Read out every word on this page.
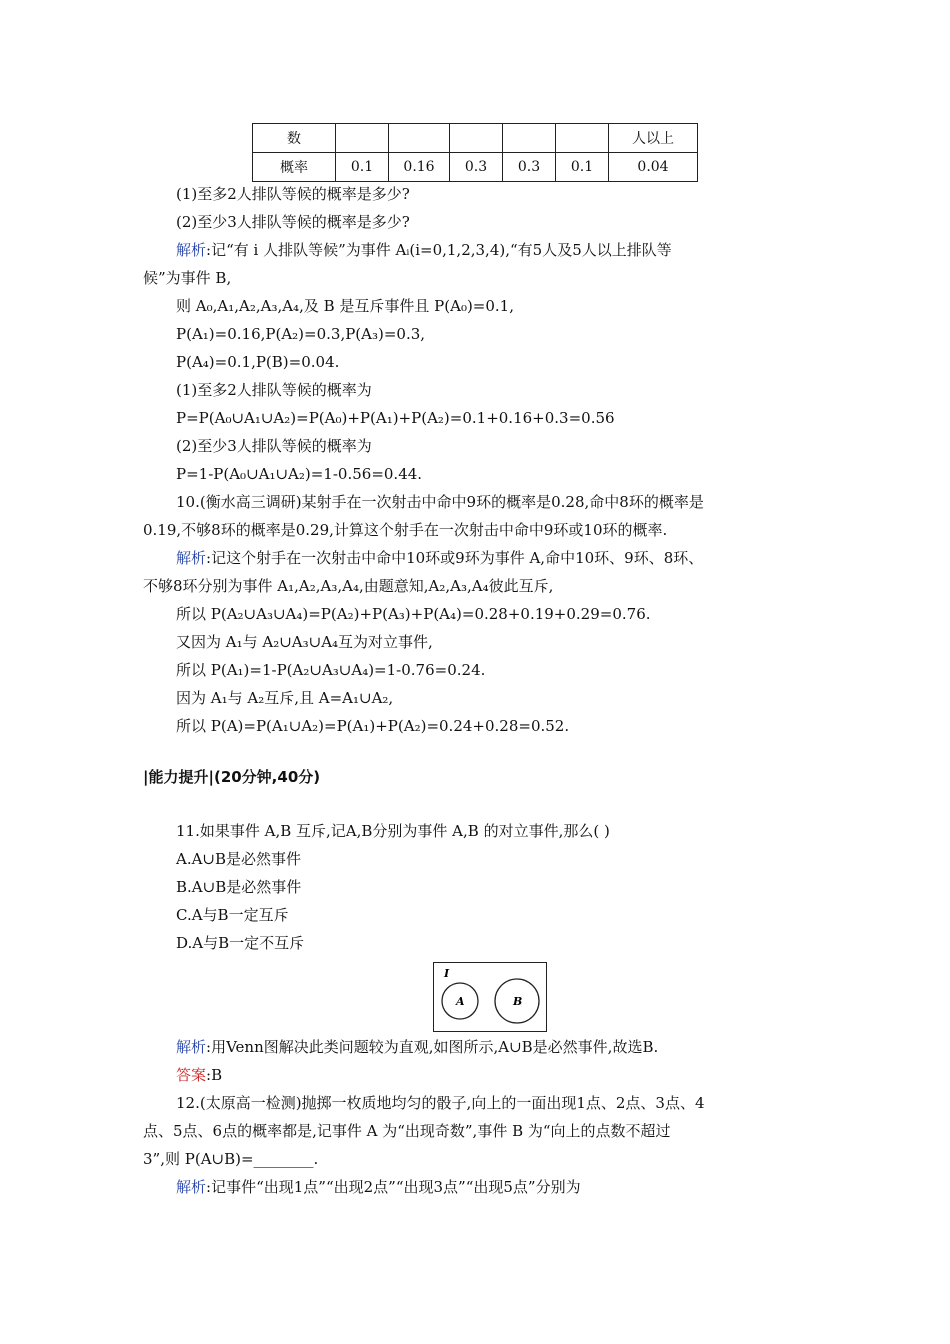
数						人以上
概率	0.1	0.16	0.3	0.3	0.1	0.04
(1)至多2人排队等候的概率是多少?
(2)至少3人排队等候的概率是多少?
解析:记“有 i 人排队等候”为事件 Aᵢ(i=0,1,2,3,4),“有5人及5人以上排队等
候”为事件 B,
则 A₀,A₁,A₂,A₃,A₄,及 B 是互斥事件且 P(A₀)=0.1,
P(A₁)=0.16,P(A₂)=0.3,P(A₃)=0.3,
P(A₄)=0.1,P(B)=0.04.
(1)至多2人排队等候的概率为
P=P(A₀∪A₁∪A₂)=P(A₀)+P(A₁)+P(A₂)=0.1+0.16+0.3=0.56
(2)至少3人排队等候的概率为
P=1-P(A₀∪A₁∪A₂)=1-0.56=0.44.
10.(衡水高三调研)某射手在一次射击中命中9环的概率是0.28,命中8环的概率是
0.19,不够8环的概率是0.29,计算这个射手在一次射击中命中9环或10环的概率.
解析:记这个射手在一次射击中命中10环或9环为事件 A,命中10环、9环、8环、
不够8环分别为事件 A₁,A₂,A₃,A₄,由题意知,A₂,A₃,A₄彼此互斥,
所以 P(A₂∪A₃∪A₄)=P(A₂)+P(A₃)+P(A₄)=0.28+0.19+0.29=0.76.
又因为 A₁与 A₂∪A₃∪A₄互为对立事件,
所以 P(A₁)=1-P(A₂∪A₃∪A₄)=1-0.76=0.24.
因为 A₁与 A₂互斥,且 A=A₁∪A₂,
所以 P(A)=P(A₁∪A₂)=P(A₁)+P(A₂)=0.24+0.28=0.52.
|能力提升|(20分钟,40分)
11.如果事件 A,B 互斥,记A,B分别为事件 A,B 的对立事件,那么( )
A.A∪B是必然事件
B.A∪B是必然事件
C.A与B一定互斥
D.A与B一定不互斥
I
A	B
解析:用Venn图解决此类问题较为直观,如图所示,A∪B是必然事件,故选B.
答案:B
12.(太原高一检测)抛掷一枚质地均匀的骰子,向上的一面出现1点、2点、3点、4
点、5点、6点的概率都是,记事件 A 为“出现奇数”,事件 B 为“向上的点数不超过
3”,则 P(A∪B)=________.
解析:记事件“出现1点”“出现2点”“出现3点”“出现5点”分别为
